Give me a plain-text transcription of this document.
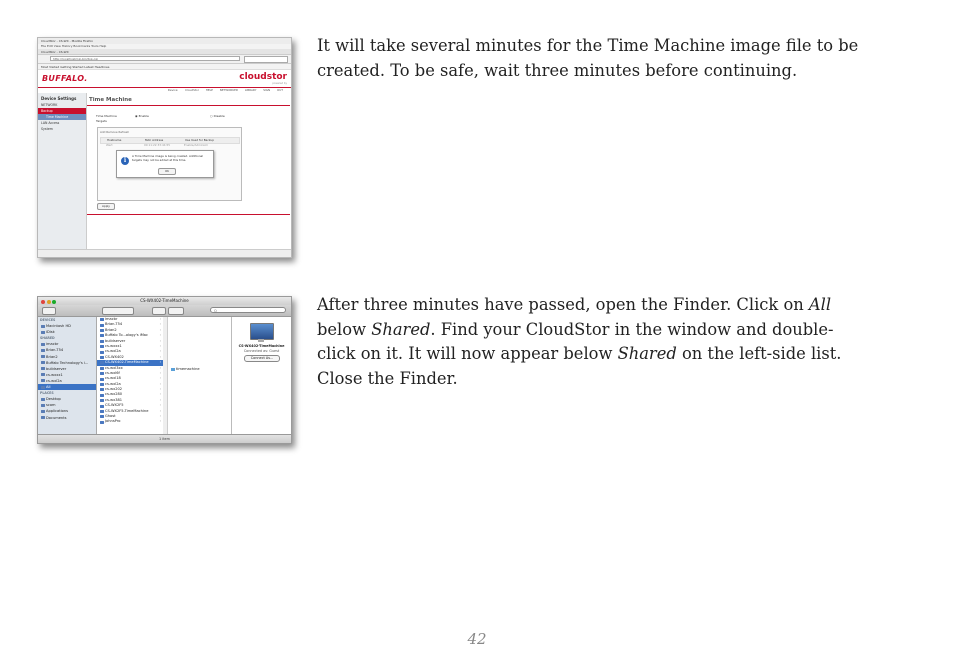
CloudStor - CS-WX - Mozilla Firefox
File Edit View History Bookmarks Tools Help
CloudStor - CS-WX
http://localhost/cgi-bin/top.cgi
Most Visited Getting Started Latest Headlines
BUFFALO.	cloudstor
powered by
Device: CloudStor HELP NETWORKED LIBRARY SIGN OUT
Device Settings
NETWORK
Backup
Time Machine
LAN Access
System
Time Machine
Time Machine
Targets
◉ Enable	○ Disable
Add Remove Refresh
Hostname	MAC Address	Use Used for Backup
Wert	00:11:22:33:44:55	Enable/Administr
i
A Time Machine image is being created. Additional targets may not be added at this time.
OK
Apply

It will take several minutes for the Time Machine image file to be

created. To be safe, wait three minutes before continuing.

CS-WX402-TimeMachine
Q
DEVICES
Macintosh HD
iDisk
SHARED
imacbr
Brian-T54
Brian2
Buffalo Technology's i...
buildserver
cs-wxxx1
cs-wxl2a
All
PLACES
Desktop
scom
Applications
Documents
imacbr	›
Brian-T54	›
Brian2	›
Buffalo To...ology's iMac	›
buildserver	›
cs-wxxx1	›
cs-wxl2a	›
CS-WX402	›
CS-WX402-TimeMachine	›
cs-wxl3xx	›
cs-wxl6f	›
cs-wxl18	›
cs-wxl2a	›
cs-wx202	›
cs-wx280	›
cs-wx381	›
CS-WX2F5	›
CS-WX2F5-TimeMachine	›
Ghost	›
JohnsPro	›
timemachine
CS-WX402-TimeMachine
Connected as: Guest
Connect As...
1 item

After three minutes have passed, open the Finder. Click on All

below Shared. Find your CloudStor in the window and double-

click on it. It will now appear below Shared on the left-side list.

Close the Finder.

42
